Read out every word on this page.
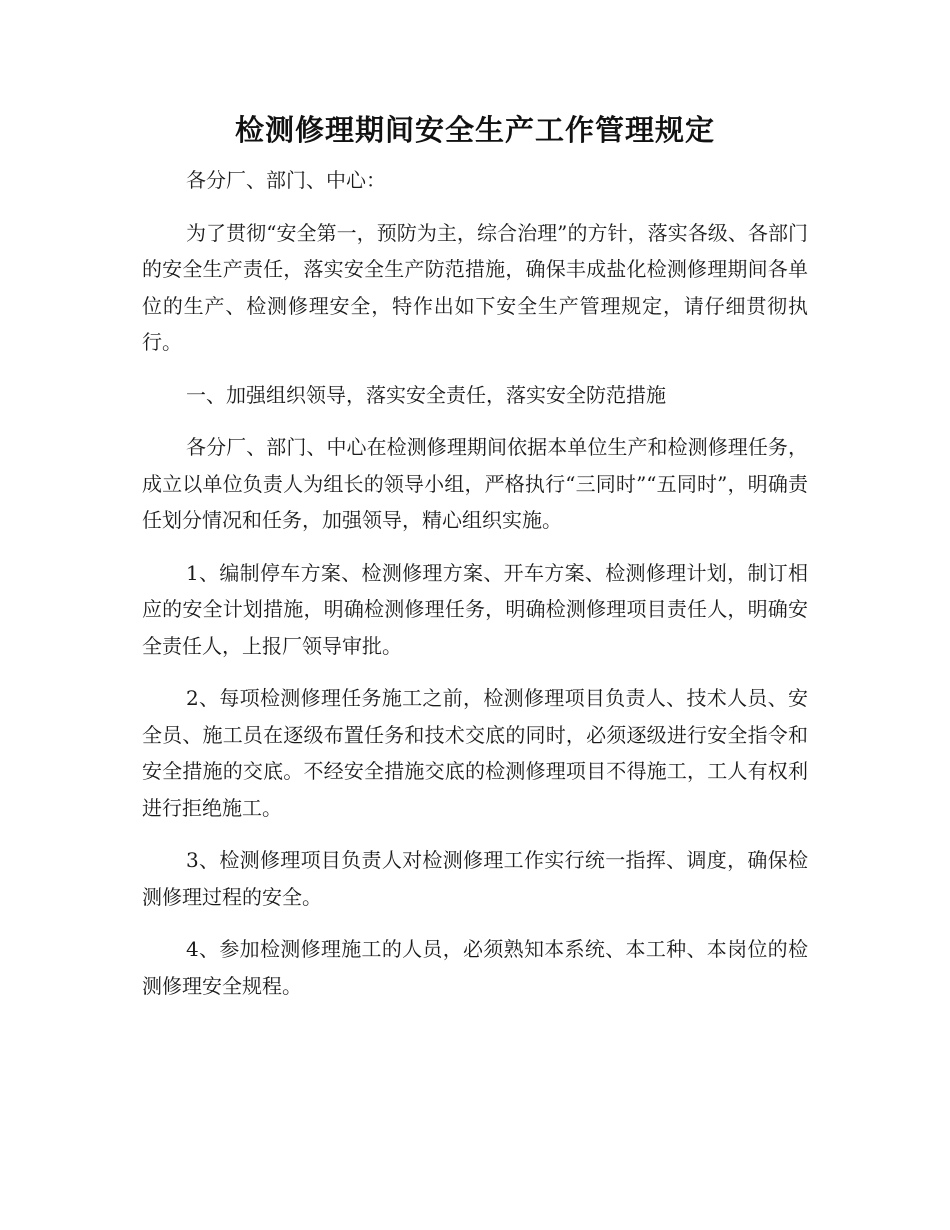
检测修理期间安全生产工作管理规定

各分厂、部门、中心：

为了贯彻“安全第一，预防为主，综合治理”的方针，落实各级、各部门的安全生产责任，落实安全生产防范措施，确保丰成盐化检测修理期间各单位的生产、检测修理安全，特作出如下安全生产管理规定，请仔细贯彻执行。

一、加强组织领导，落实安全责任，落实安全防范措施

各分厂、部门、中心在检测修理期间依据本单位生产和检测修理任务，成立以单位负责人为组长的领导小组，严格执行“三同时”“五同时”，明确责任划分情况和任务，加强领导，精心组织实施。

1、编制停车方案、检测修理方案、开车方案、检测修理计划，制订相应的安全计划措施，明确检测修理任务，明确检测修理项目责任人，明确安全责任人，上报厂领导审批。

2、每项检测修理任务施工之前，检测修理项目负责人、技术人员、安全员、施工员在逐级布置任务和技术交底的同时，必须逐级进行安全指令和安全措施的交底。不经安全措施交底的检测修理项目不得施工，工人有权利进行拒绝施工。

3、检测修理项目负责人对检测修理工作实行统一指挥、调度，确保检测修理过程的安全。

4、参加检测修理施工的人员，必须熟知本系统、本工种、本岗位的检测修理安全规程。
